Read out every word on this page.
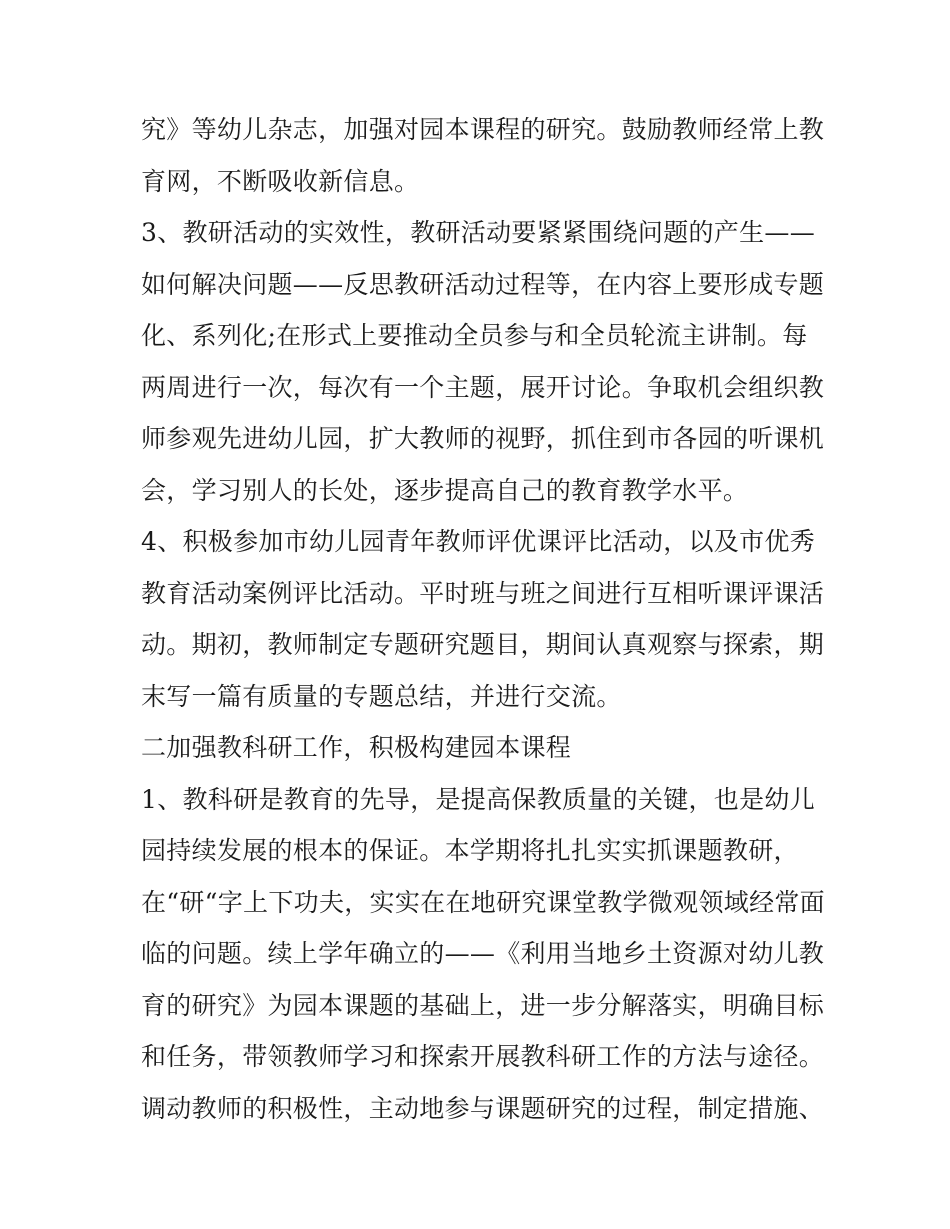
究》等幼儿杂志，加强对园本课程的研究。鼓励教师经常上教
育网，不断吸收新信息。
3、教研活动的实效性，教研活动要紧紧围绕问题的产生——
如何解决问题——反思教研活动过程等，在内容上要形成专题
化、系列化;在形式上要推动全员参与和全员轮流主讲制。每
两周进行一次，每次有一个主题，展开讨论。争取机会组织教
师参观先进幼儿园，扩大教师的视野，抓住到市各园的听课机
会，学习别人的长处，逐步提高自己的教育教学水平。
4、积极参加市幼儿园青年教师评优课评比活动，以及市优秀
教育活动案例评比活动。平时班与班之间进行互相听课评课活
动。期初，教师制定专题研究题目，期间认真观察与探索，期
末写一篇有质量的专题总结，并进行交流。
二加强教科研工作，积极构建园本课程
1、教科研是教育的先导，是提高保教质量的关键，也是幼儿
园持续发展的根本的保证。本学期将扎扎实实抓课题教研，
在“研“字上下功夫，实实在在地研究课堂教学微观领域经常面
临的问题。续上学年确立的——《利用当地乡土资源对幼儿教
育的研究》为园本课题的基础上，进一步分解落实，明确目标
和任务，带领教师学习和探索开展教科研工作的方法与途径。
调动教师的积极性，主动地参与课题研究的过程，制定措施、
